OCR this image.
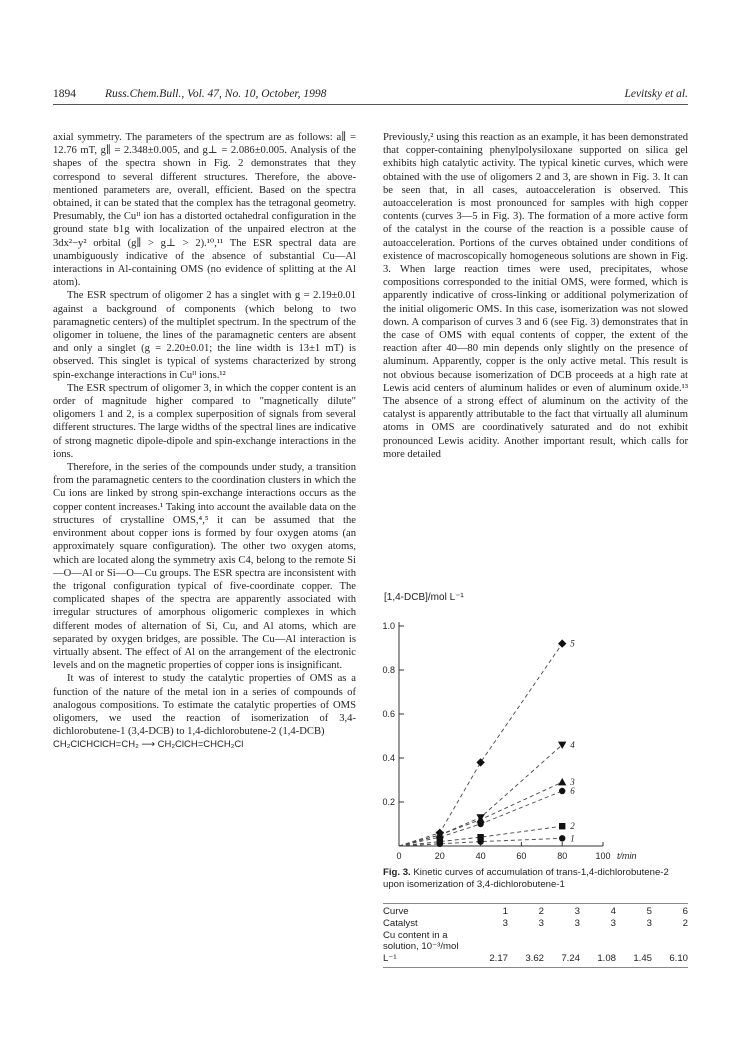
1894	Russ.Chem.Bull., Vol. 47, No. 10, October, 1998	Levitsky et al.

axial symmetry. The parameters of the spectrum are as follows: a∥ = 12.76 mT, g∥ = 2.348±0.005, and g⊥ = 2.086±0.005. Analysis of the shapes of the spectra shown in Fig. 2 demonstrates that they correspond to several different structures. Therefore, the above-mentioned parameters are, overall, efficient. Based on the spectra obtained, it can be stated that the complex has the tetragonal geometry. Presumably, the Cuᴵᴵ ion has a distorted octahedral configuration in the ground state b1g with localization of the unpaired electron at the 3dx²−y² orbital (g∥ > g⊥ > 2).¹⁰,¹¹ The ESR spectral data are unambiguously indicative of the absence of substantial Cu—Al interactions in Al-containing OMS (no evidence of splitting at the Al atom).

The ESR spectrum of oligomer 2 has a singlet with g = 2.19±0.01 against a background of components (which belong to two paramagnetic centers) of the multiplet spectrum. In the spectrum of the oligomer in toluene, the lines of the paramagnetic centers are absent and only a singlet (g = 2.20±0.01; the line width is 13±1 mT) is observed. This singlet is typical of systems characterized by strong spin-exchange interactions in Cuᴵᴵ ions.¹²

The ESR spectrum of oligomer 3, in which the copper content is an order of magnitude higher compared to "magnetically dilute" oligomers 1 and 2, is a complex superposition of signals from several different structures. The large widths of the spectral lines are indicative of strong magnetic dipole-dipole and spin-exchange interactions in the ions.

Therefore, in the series of the compounds under study, a transition from the paramagnetic centers to the coordination clusters in which the Cu ions are linked by strong spin-exchange interactions occurs as the copper content increases.¹ Taking into account the available data on the structures of crystalline OMS,⁴,⁵ it can be assumed that the environment about copper ions is formed by four oxygen atoms (an approximately square configuration). The other two oxygen atoms, which are located along the symmetry axis C4, belong to the remote Si—O—Al or Si—O—Cu groups. The ESR spectra are inconsistent with the trigonal configuration typical of five-coordinate copper. The complicated shapes of the spectra are apparently associated with irregular structures of amorphous oligomeric complexes in which different modes of alternation of Si, Cu, and Al atoms, which are separated by oxygen bridges, are possible. The Cu—Al interaction is virtually absent. The effect of Al on the arrangement of the electronic levels and on the magnetic properties of copper ions is insignificant.

It was of interest to study the catalytic properties of OMS as a function of the nature of the metal ion in a series of compounds of analogous compositions. To estimate the catalytic properties of OMS oligomers, we used the reaction of isomerization of 3,4-dichlorobutene-1 (3,4-DCB) to 1,4-dichlorobutene-2 (1,4-DCB)

CH₂ClCHClCH=CH₂ ⟶ CH₂ClCH=CHCH₂Cl

Previously,² using this reaction as an example, it has been demonstrated that copper-containing phenylpolysiloxane supported on silica gel exhibits high catalytic activity. The typical kinetic curves, which were obtained with the use of oligomers 2 and 3, are shown in Fig. 3. It can be seen that, in all cases, autoacceleration is observed. This autoacceleration is most pronounced for samples with high copper contents (curves 3—5 in Fig. 3). The formation of a more active form of the catalyst in the course of the reaction is a possible cause of autoacceleration. Portions of the curves obtained under conditions of existence of macroscopically homogeneous solutions are shown in Fig. 3. When large reaction times were used, precipitates, whose compositions corresponded to the initial OMS, were formed, which is apparently indicative of cross-linking or additional polymerization of the initial oligomeric OMS. In this case, isomerization was not slowed down. A comparison of curves 3 and 6 (see Fig. 3) demonstrates that in the case of OMS with equal contents of copper, the extent of the reaction after 40—80 min depends only slightly on the presence of aluminum. Apparently, copper is the only active metal. This result is not obvious because isomerization of DCB proceeds at a high rate at Lewis acid centers of aluminum halides or even of aluminum oxide.¹³ The absence of a strong effect of aluminum on the activity of the catalyst is apparently attributable to the fact that virtually all aluminum atoms in OMS are coordinatively saturated and do not exhibit pronounced Lewis acidity. Another important result, which calls for more detailed

[1,4-DCB]/mol L⁻¹
0.2
0.4
0.6
0.8
1.0
0	20	40	60	80	100 t/min
1
2
3
4
5
6
Fig. 3. Kinetic curves of accumulation of trans-1,4-dichlorobutene-2 upon isomerization of 3,4-dichlorobutene-1
Curve	1	2	3	4	5	6
Catalyst	3	3	3	3	3	2
Cu content in a solution, 10⁻³/mol L⁻¹	2.17	3.62	7.24	1.08	1.45	6.10
